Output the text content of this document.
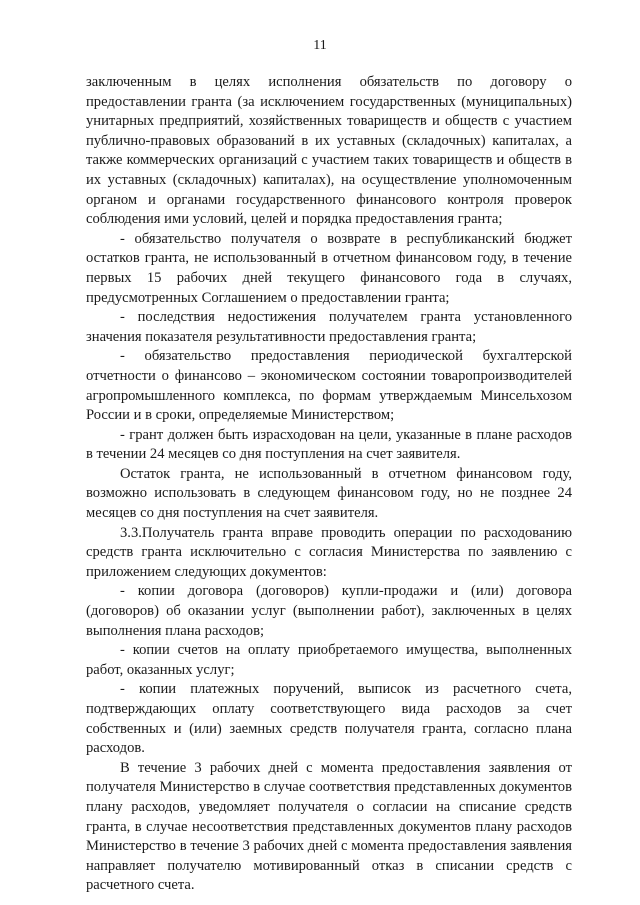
11

заключенным в целях исполнения обязательств по договору о предоставлении гранта (за исключением государственных (муниципальных) унитарных предприятий, хозяйственных товариществ и обществ с участием публично-правовых образований в их уставных (складочных) капиталах, а также коммерческих организаций с участием таких товариществ и обществ в их уставных (складочных) капиталах), на осуществление уполномоченным органом и органами государственного финансового контроля проверок соблюдения ими условий, целей и порядка предоставления гранта;

- обязательство получателя о возврате в республиканский бюджет остатков гранта, не использованный в отчетном финансовом году, в течение первых 15 рабочих дней текущего финансового года в случаях, предусмотренных Соглашением о предоставлении гранта;

- последствия недостижения получателем гранта установленного значения показателя результативности предоставления гранта;

- обязательство предоставления периодической бухгалтерской отчетности о финансово – экономическом состоянии товаропроизводителей агропромышленного комплекса, по формам утверждаемым Минсельхозом России и в сроки, определяемые Министерством;

- грант должен быть израсходован на цели, указанные в плане расходов в течении 24 месяцев со дня поступления на счет заявителя.

Остаток гранта, не использованный в отчетном финансовом году, возможно использовать в следующем финансовом году, но не позднее 24 месяцев со дня поступления на счет заявителя.

3.3.Получатель гранта вправе проводить операции по расходованию средств гранта исключительно с согласия Министерства по заявлению с приложением следующих документов:

- копии договора (договоров) купли-продажи и (или) договора (договоров) об оказании услуг (выполнении работ), заключенных в целях выполнения плана расходов;

- копии счетов на оплату приобретаемого имущества, выполненных работ, оказанных услуг;

- копии платежных поручений, выписок из расчетного счета, подтверждающих оплату соответствующего вида расходов за счет собственных и (или) заемных средств получателя гранта, согласно плана расходов.

В течение 3 рабочих дней с момента предоставления заявления от получателя Министерство в случае соответствия представленных документов плану расходов, уведомляет получателя о согласии на списание средств гранта, в случае несоответствия представленных документов плану расходов Министерство в течение 3 рабочих дней с момента предоставления заявления направляет получателю мотивированный отказ в списании средств с расчетного счета.
